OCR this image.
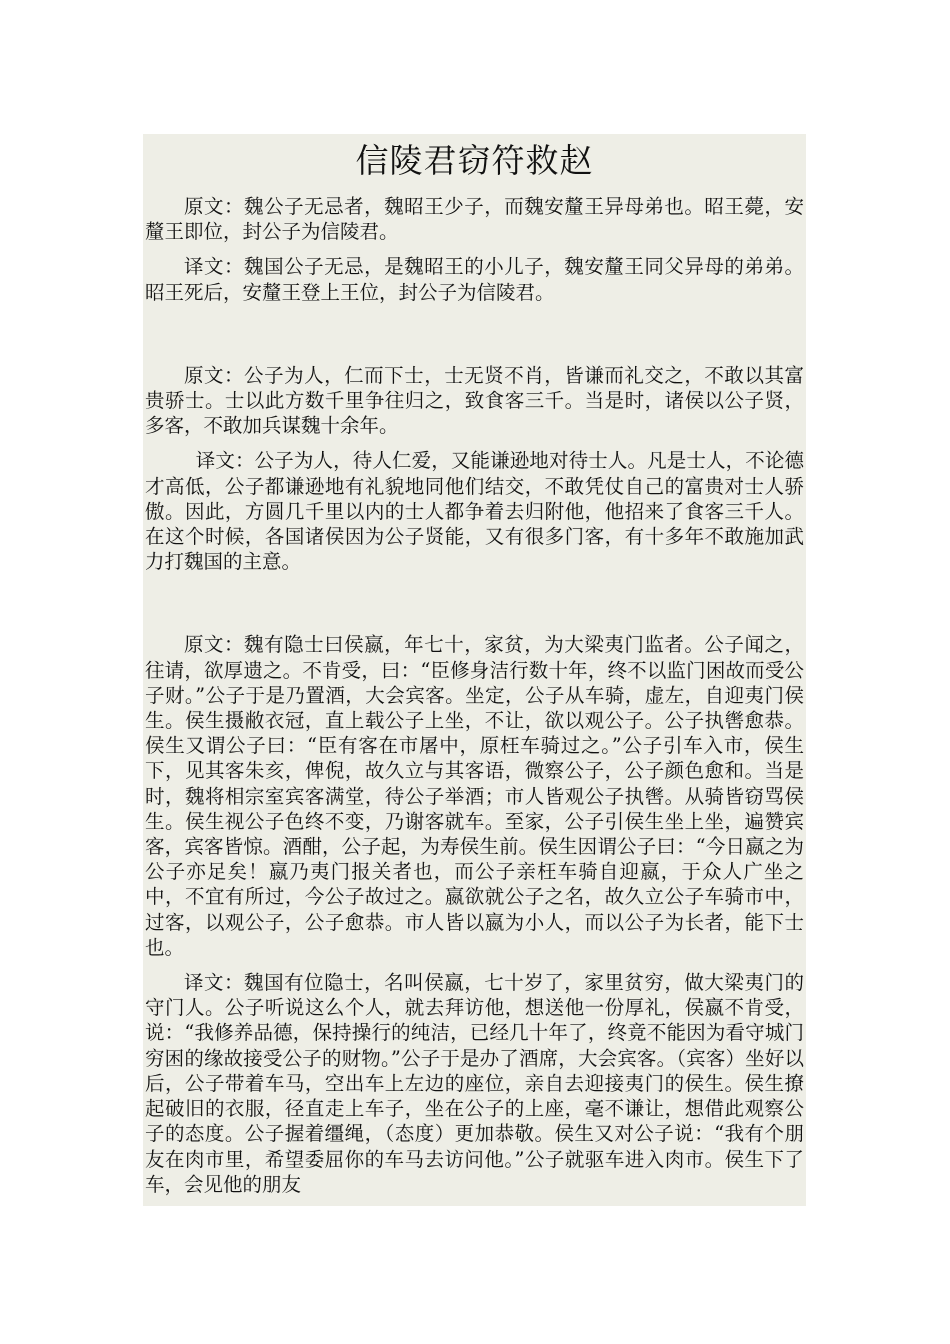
信陵君窃符救赵

原文：魏公子无忌者，魏昭王少子，而魏安釐王异母弟也。昭王薨，安釐王即位，封公子为信陵君。

译文：魏国公子无忌，是魏昭王的小儿子，魏安釐王同父异母的弟弟。昭王死后，安釐王登上王位，封公子为信陵君。

原文：公子为人，仁而下士，士无贤不肖，皆谦而礼交之，不敢以其富贵骄士。士以此方数千里争往归之，致食客三千。当是时，诸侯以公子贤，多客，不敢加兵谋魏十余年。

译文：公子为人，待人仁爱，又能谦逊地对待士人。凡是士人，不论德才高低，公子都谦逊地有礼貌地同他们结交，不敢凭仗自己的富贵对士人骄傲。因此，方圆几千里以内的士人都争着去归附他，他招来了食客三千人。在这个时候，各国诸侯因为公子贤能，又有很多门客，有十多年不敢施加武力打魏国的主意。

原文：魏有隐士曰侯嬴，年七十，家贫，为大梁夷门监者。公子闻之，往请，欲厚遗之。不肯受，曰：“臣修身洁行数十年，终不以监门困故而受公子财。”公子于是乃置酒，大会宾客。坐定，公子从车骑，虚左，自迎夷门侯生。侯生摄敝衣冠，直上载公子上坐，不让，欲以观公子。公子执辔愈恭。侯生又谓公子曰：“臣有客在市屠中，原枉车骑过之。”公子引车入市，侯生下，见其客朱亥，俾倪，故久立与其客语，微察公子，公子颜色愈和。当是时，魏将相宗室宾客满堂，待公子举酒；市人皆观公子执辔。从骑皆窃骂侯生。侯生视公子色终不变，乃谢客就车。至家，公子引侯生坐上坐，遍赞宾客，宾客皆惊。酒酣，公子起，为寿侯生前。侯生因谓公子曰：“今日嬴之为公子亦足矣！嬴乃夷门报关者也，而公子亲枉车骑自迎嬴，于众人广坐之中，不宜有所过，今公子故过之。嬴欲就公子之名，故久立公子车骑市中，过客，以观公子，公子愈恭。市人皆以嬴为小人，而以公子为长者，能下士也。

译文：魏国有位隐士，名叫侯嬴，七十岁了，家里贫穷，做大梁夷门的守门人。公子听说这么个人，就去拜访他，想送他一份厚礼，侯嬴不肯受，说：“我修养品德，保持操行的纯洁，已经几十年了，终竟不能因为看守城门穷困的缘故接受公子的财物。”公子于是办了酒席，大会宾客。（宾客）坐好以后，公子带着车马，空出车上左边的座位，亲自去迎接夷门的侯生。侯生撩起破旧的衣服，径直走上车子，坐在公子的上座，毫不谦让，想借此观察公子的态度。公子握着缰绳，（态度）更加恭敬。侯生又对公子说：“我有个朋友在肉市里，希望委屈你的车马去访问他。”公子就驱车进入肉市。侯生下了车，会见他的朋友
